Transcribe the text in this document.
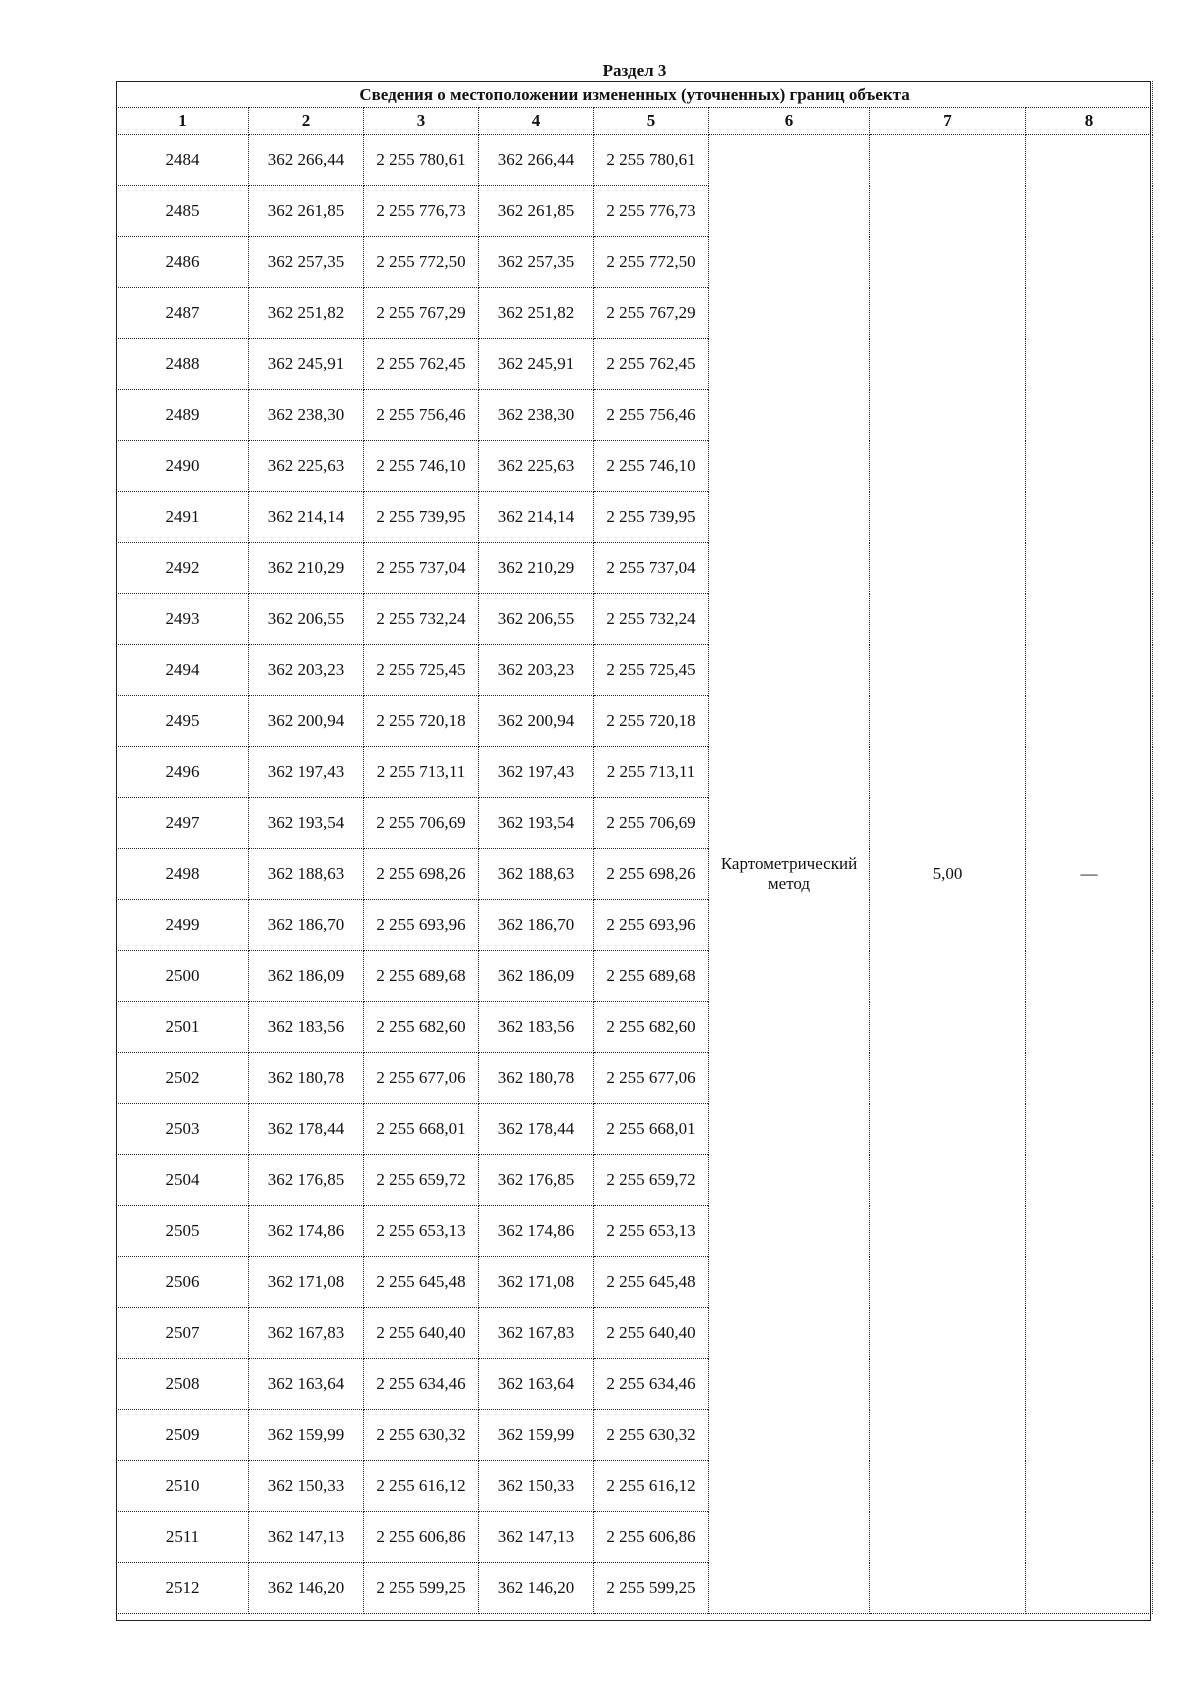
Раздел 3
Сведения о местоположении измененных (уточненных) границ объекта							
1	2	3	4	5	6	7	8
2484	362 266,44	2 255 780,61	362 266,44	2 255 780,61	Картометрический метод	5,00	—
2485	362 261,85	2 255 776,73	362 261,85	2 255 776,73			
2486	362 257,35	2 255 772,50	362 257,35	2 255 772,50			
2487	362 251,82	2 255 767,29	362 251,82	2 255 767,29			
2488	362 245,91	2 255 762,45	362 245,91	2 255 762,45			
2489	362 238,30	2 255 756,46	362 238,30	2 255 756,46			
2490	362 225,63	2 255 746,10	362 225,63	2 255 746,10			
2491	362 214,14	2 255 739,95	362 214,14	2 255 739,95			
2492	362 210,29	2 255 737,04	362 210,29	2 255 737,04			
2493	362 206,55	2 255 732,24	362 206,55	2 255 732,24			
2494	362 203,23	2 255 725,45	362 203,23	2 255 725,45			
2495	362 200,94	2 255 720,18	362 200,94	2 255 720,18			
2496	362 197,43	2 255 713,11	362 197,43	2 255 713,11			
2497	362 193,54	2 255 706,69	362 193,54	2 255 706,69			
2498	362 188,63	2 255 698,26	362 188,63	2 255 698,26			
2499	362 186,70	2 255 693,96	362 186,70	2 255 693,96			
2500	362 186,09	2 255 689,68	362 186,09	2 255 689,68			
2501	362 183,56	2 255 682,60	362 183,56	2 255 682,60			
2502	362 180,78	2 255 677,06	362 180,78	2 255 677,06			
2503	362 178,44	2 255 668,01	362 178,44	2 255 668,01			
2504	362 176,85	2 255 659,72	362 176,85	2 255 659,72			
2505	362 174,86	2 255 653,13	362 174,86	2 255 653,13			
2506	362 171,08	2 255 645,48	362 171,08	2 255 645,48			
2507	362 167,83	2 255 640,40	362 167,83	2 255 640,40			
2508	362 163,64	2 255 634,46	362 163,64	2 255 634,46			
2509	362 159,99	2 255 630,32	362 159,99	2 255 630,32			
2510	362 150,33	2 255 616,12	362 150,33	2 255 616,12			
2511	362 147,13	2 255 606,86	362 147,13	2 255 606,86			
2512	362 146,20	2 255 599,25	362 146,20	2 255 599,25			
